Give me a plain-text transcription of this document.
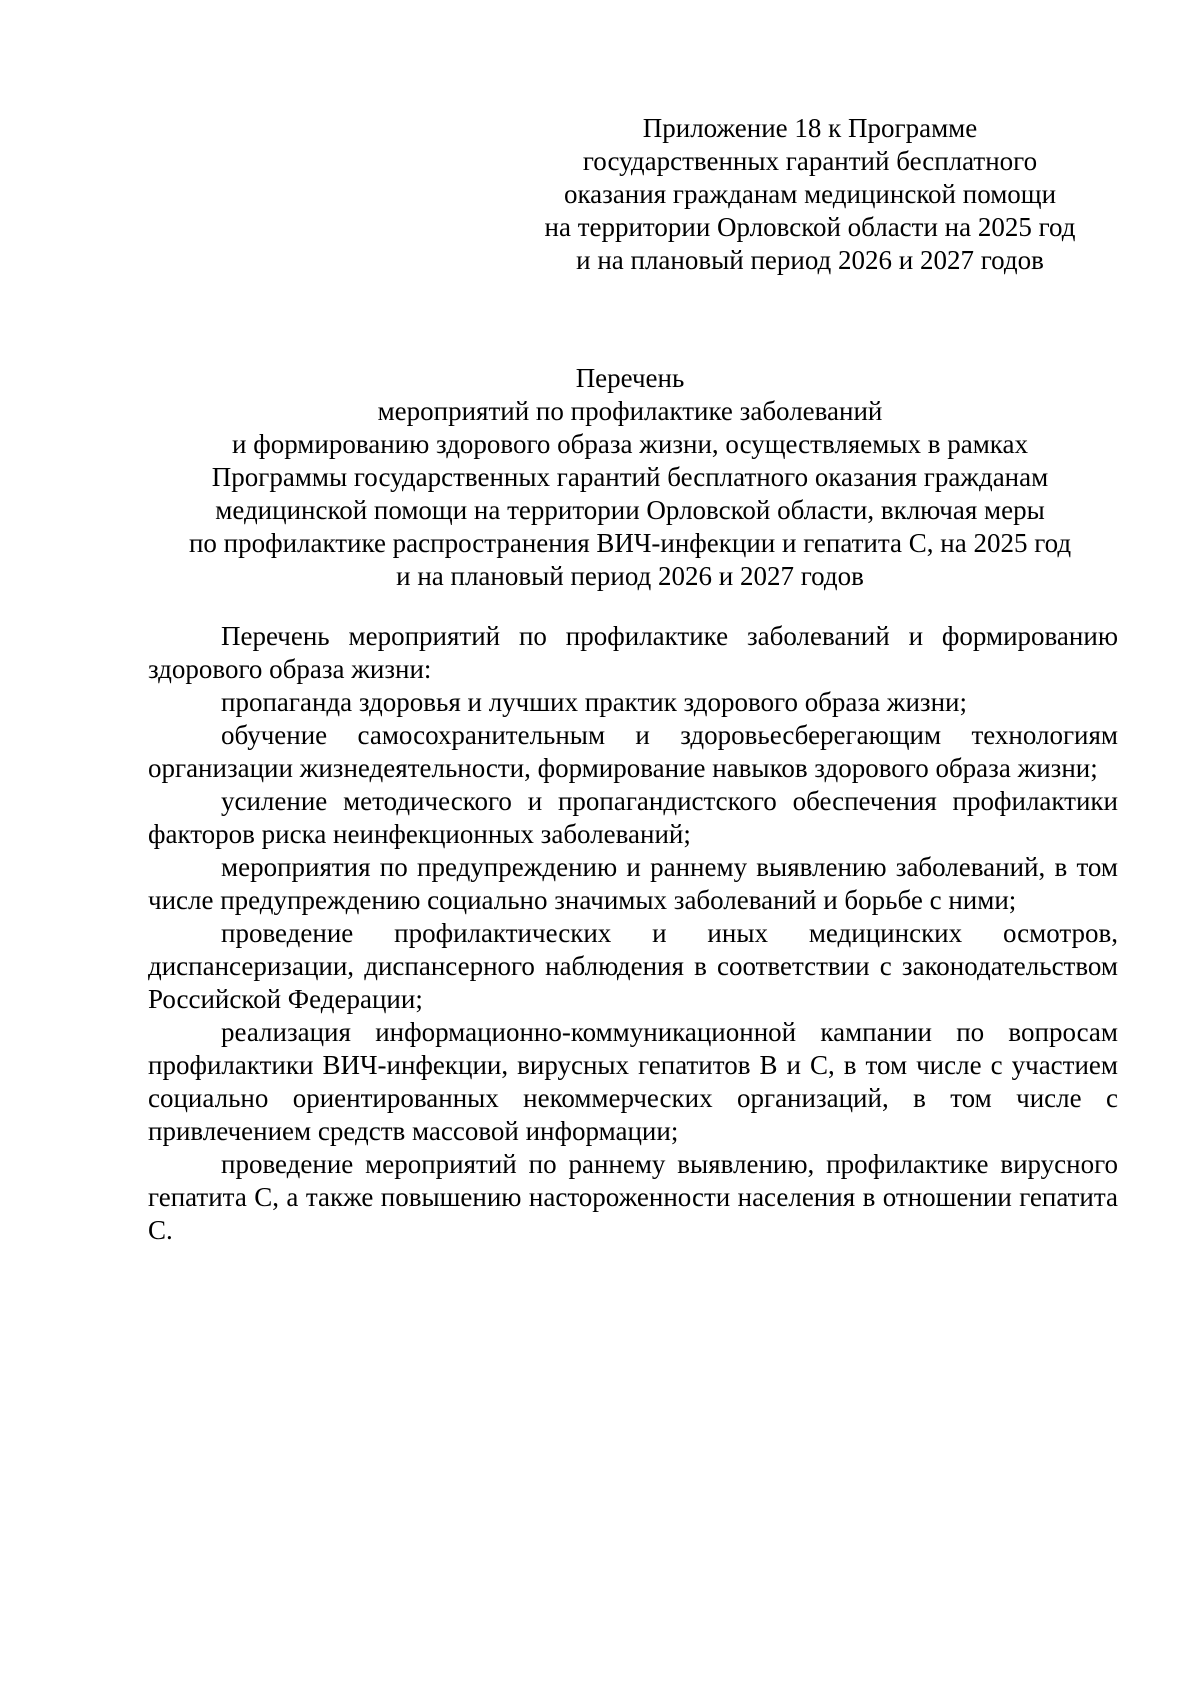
Приложение 18 к Программе
государственных гарантий бесплатного
оказания гражданам медицинской помощи
на территории Орловской области на 2025 год
и на плановый период 2026 и 2027 годов
Перечень
мероприятий по профилактике заболеваний
и формированию здорового образа жизни, осуществляемых в рамках
Программы государственных гарантий бесплатного оказания гражданам
медицинской помощи на территории Орловской области, включая меры
по профилактике распространения ВИЧ-инфекции и гепатита С, на 2025 год
и на плановый период 2026 и 2027 годов

Перечень мероприятий по профилактике заболеваний и формированию здорового образа жизни:

пропаганда здоровья и лучших практик здорового образа жизни;

обучение самосохранительным и здоровьесберегающим технологиям организации жизнедеятельности, формирование навыков здорового образа жизни;

усиление методического и пропагандистского обеспечения профилактики факторов риска неинфекционных заболеваний;

мероприятия по предупреждению и раннему выявлению заболеваний, в том числе предупреждению социально значимых заболеваний и борьбе с ними;

проведение профилактических и иных медицинских осмотров, диспансеризации, диспансерного наблюдения в соответствии с законодательством Российской Федерации;

реализация информационно-коммуникационной кампании по вопросам профилактики ВИЧ-инфекции, вирусных гепатитов В и С, в том числе с участием социально ориентированных некоммерческих организаций, в том числе с привлечением средств массовой информации;

проведение мероприятий по раннему выявлению, профилактике вирусного гепатита С, а также повышению настороженности населения в отношении гепатита С.
